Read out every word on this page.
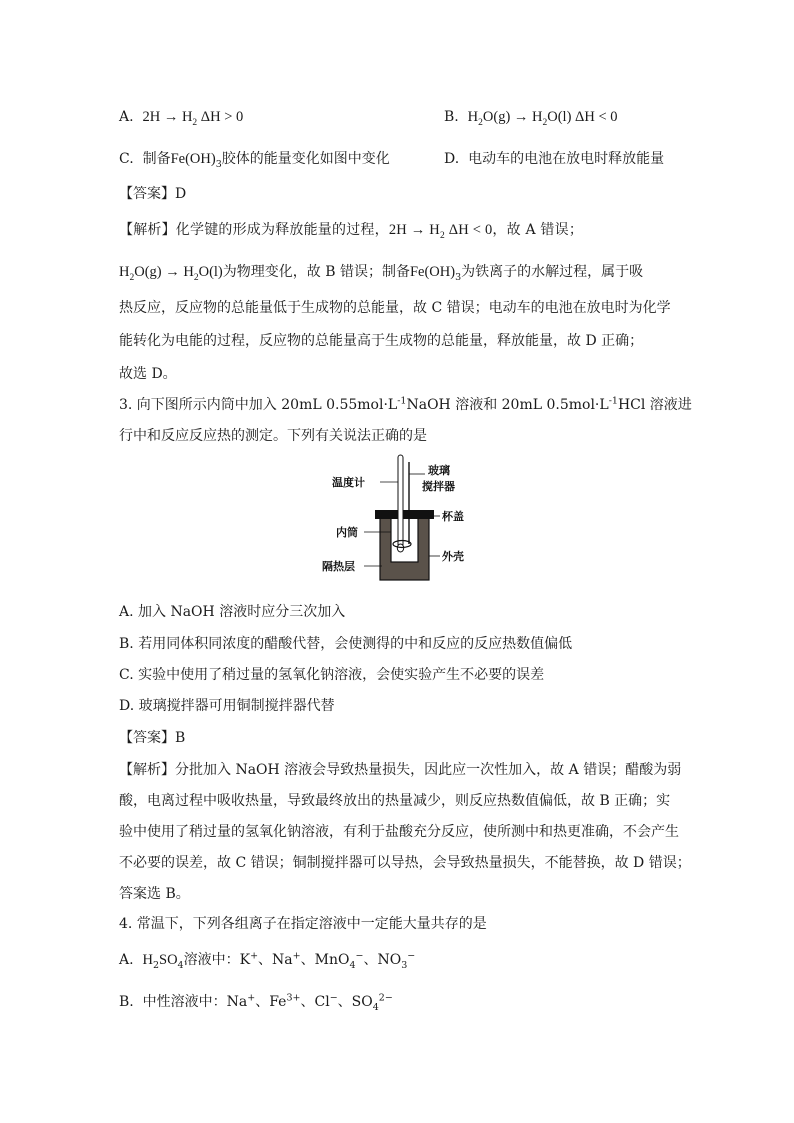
A. $2H \to H_2$ ΔH > 0	B. $H_2O(g) \to H_2O(l) \Delta H < 0$
C. 制备$Fe(OH)_3$胶体的能量变化如图中变化	D. 电动车的电池在放电时释放能量
【答案】D
【解析】化学键的形成为释放能量的过程，$2H \to H_2$ ΔH < 0，故 A 错误；
$H_2O(g) \to H_2O(l)$为物理变化，故 B 错误；制备$Fe(OH)_3$为铁离子的水解过程，属于吸
热反应，反应物的总能量低于生成物的总能量，故 C 错误；电动车的电池在放电时为化学
能转化为电能的过程，反应物的总能量高于生成物的总能量，释放能量，故 D 正确；
故选 D。
3. 向下图所示内筒中加入 20mL $0.55mol\cdot L^{-1}NaOH$ 溶液和 20mL $0.5mol\cdot L^{-1}HCl$ 溶液进
行中和反应反应热的测定。下列有关说法正确的是
温度计
玻璃
搅拌器
杯盖
内筒
外壳
隔热层
A. 加入 NaOH 溶液时应分三次加入
B. 若用同体积同浓度的醋酸代替，会使测得的中和反应的反应热数值偏低
C. 实验中使用了稍过量的氢氧化钠溶液，会使实验产生不必要的误差
D. 玻璃搅拌器可用铜制搅拌器代替
【答案】B
【解析】分批加入 NaOH 溶液会导致热量损失，因此应一次性加入，故 A 错误；醋酸为弱
酸，电离过程中吸收热量，导致最终放出的热量减少，则反应热数值偏低，故 B 正确；实
验中使用了稍过量的氢氧化钠溶液，有利于盐酸充分反应，使所测中和热更准确，不会产生
不必要的误差，故 C 错误；铜制搅拌器可以导热，会导致热量损失，不能替换，故 D 错误；
答案选 B。
4. 常温下，下列各组离子在指定溶液中一定能大量共存的是
A. $H_2SO_4$溶液中：K+、Na+、MnO$_4$−、$NO_3^-$
B. 中性溶液中：Na+、$Fe^{3+}$、Cl−、$SO_4^{2-}$
